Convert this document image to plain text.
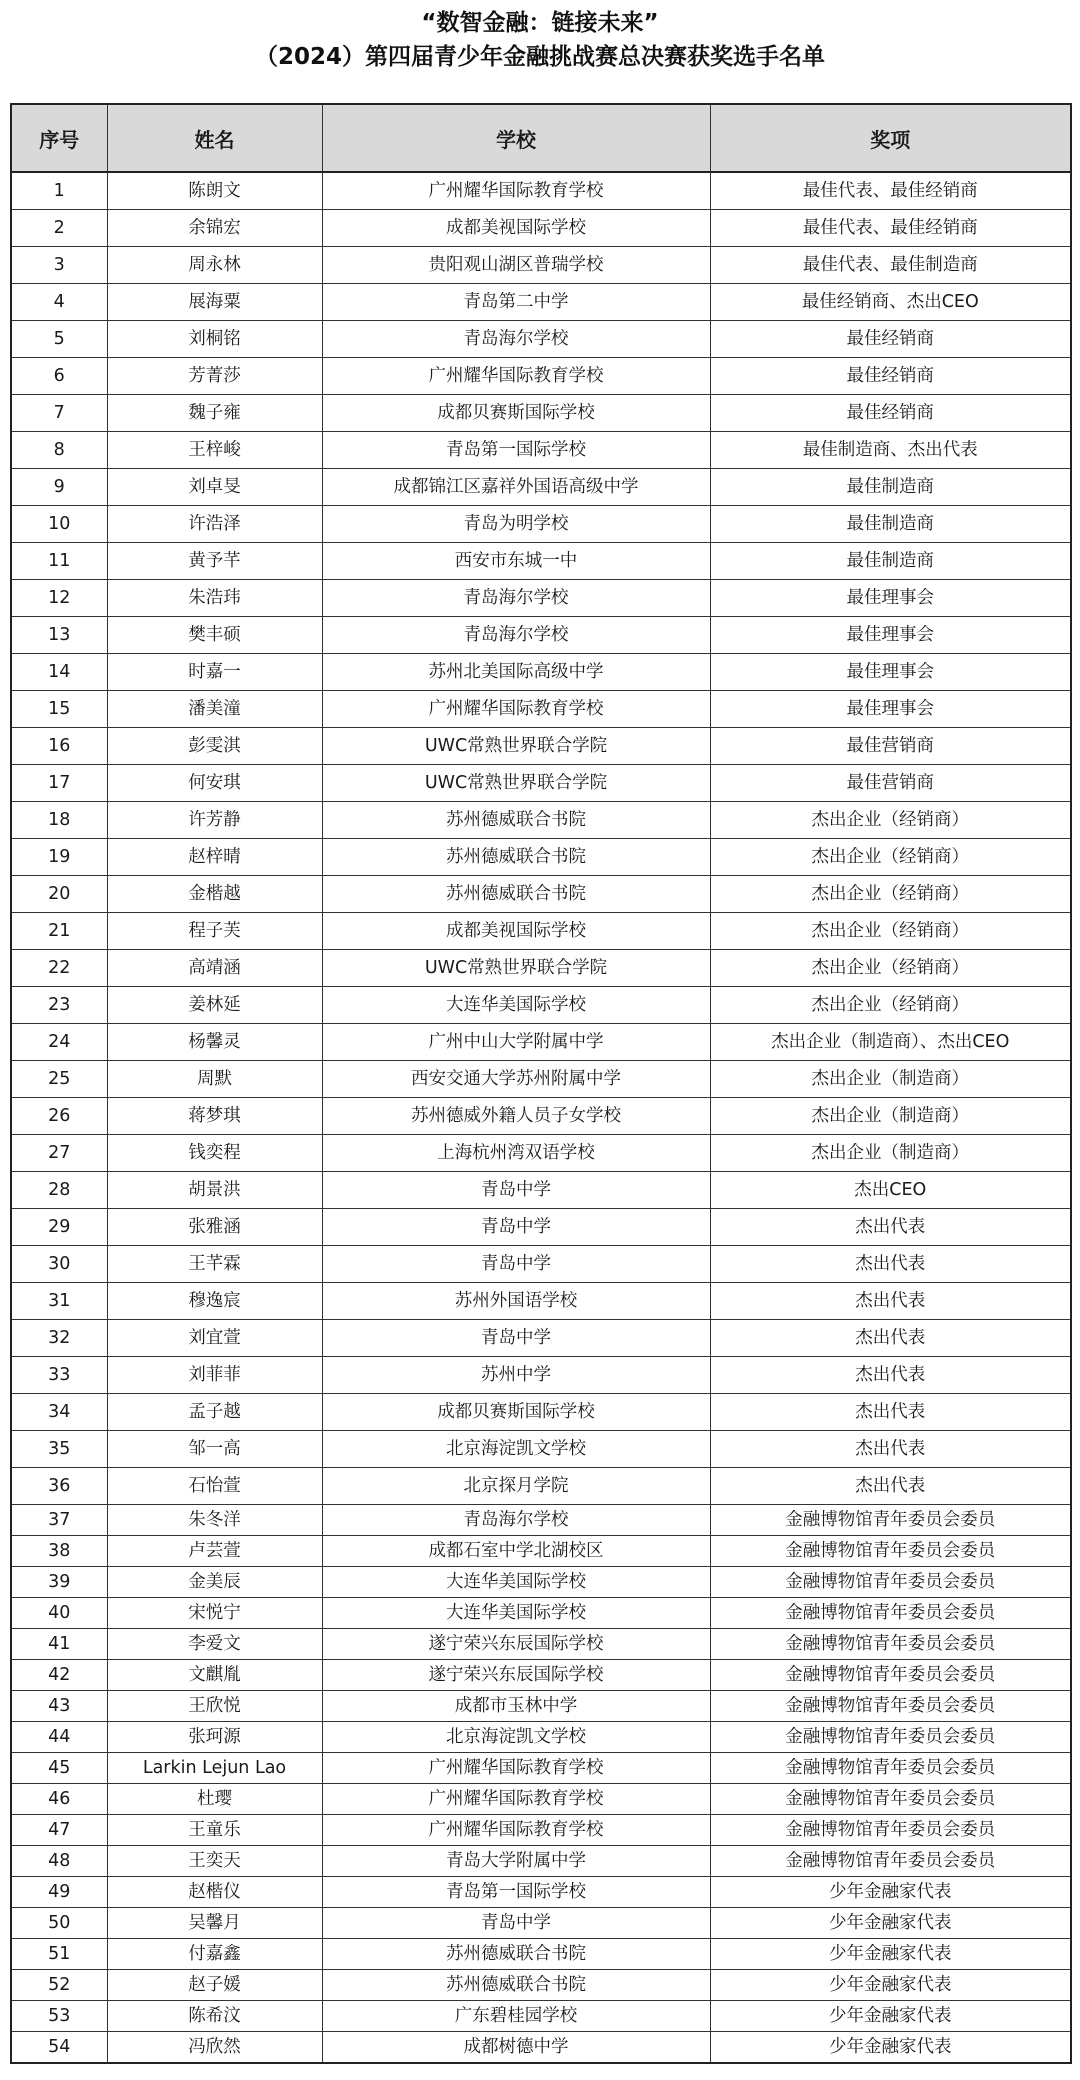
“数智金融：链接未来”
（2024）第四届青少年金融挑战赛总决赛获奖选手名单
序号	姓名	学校	奖项
1	陈朗文	广州耀华国际教育学校	最佳代表、最佳经销商
2	余锦宏	成都美视国际学校	最佳代表、最佳经销商
3	周永林	贵阳观山湖区普瑞学校	最佳代表、最佳制造商
4	展海粟	青岛第二中学	最佳经销商、杰出CEO
5	刘桐铭	青岛海尔学校	最佳经销商
6	芳菁莎	广州耀华国际教育学校	最佳经销商
7	魏子雍	成都贝赛斯国际学校	最佳经销商
8	王梓峻	青岛第一国际学校	最佳制造商、杰出代表
9	刘卓旻	成都锦江区嘉祥外国语高级中学	最佳制造商
10	许浩泽	青岛为明学校	最佳制造商
11	黄予芊	西安市东城一中	最佳制造商
12	朱浩玮	青岛海尔学校	最佳理事会
13	樊丰硕	青岛海尔学校	最佳理事会
14	时嘉一	苏州北美国际高级中学	最佳理事会
15	潘美潼	广州耀华国际教育学校	最佳理事会
16	彭雯淇	UWC常熟世界联合学院	最佳营销商
17	何安琪	UWC常熟世界联合学院	最佳营销商
18	许芳静	苏州德威联合书院	杰出企业（经销商）
19	赵梓晴	苏州德威联合书院	杰出企业（经销商）
20	金楷越	苏州德威联合书院	杰出企业（经销商）
21	程子芙	成都美视国际学校	杰出企业（经销商）
22	高靖涵	UWC常熟世界联合学院	杰出企业（经销商）
23	姜林延	大连华美国际学校	杰出企业（经销商）
24	杨馨灵	广州中山大学附属中学	杰出企业（制造商）、杰出CEO
25	周默	西安交通大学苏州附属中学	杰出企业（制造商）
26	蒋梦琪	苏州德威外籍人员子女学校	杰出企业（制造商）
27	钱奕程	上海杭州湾双语学校	杰出企业（制造商）
28	胡景洪	青岛中学	杰出CEO
29	张雅涵	青岛中学	杰出代表
30	王芊霖	青岛中学	杰出代表
31	穆逸宸	苏州外国语学校	杰出代表
32	刘宜萱	青岛中学	杰出代表
33	刘菲菲	苏州中学	杰出代表
34	孟子越	成都贝赛斯国际学校	杰出代表
35	邹一高	北京海淀凯文学校	杰出代表
36	石怡萱	北京探月学院	杰出代表
37	朱冬洋	青岛海尔学校	金融博物馆青年委员会委员
38	卢芸萱	成都石室中学北湖校区	金融博物馆青年委员会委员
39	金美辰	大连华美国际学校	金融博物馆青年委员会委员
40	宋悦宁	大连华美国际学校	金融博物馆青年委员会委员
41	李爱文	遂宁荣兴东辰国际学校	金融博物馆青年委员会委员
42	文麒胤	遂宁荣兴东辰国际学校	金融博物馆青年委员会委员
43	王欣悦	成都市玉林中学	金融博物馆青年委员会委员
44	张珂源	北京海淀凯文学校	金融博物馆青年委员会委员
45	Larkin Lejun Lao	广州耀华国际教育学校	金融博物馆青年委员会委员
46	杜璎	广州耀华国际教育学校	金融博物馆青年委员会委员
47	王童乐	广州耀华国际教育学校	金融博物馆青年委员会委员
48	王奕天	青岛大学附属中学	金融博物馆青年委员会委员
49	赵楷仪	青岛第一国际学校	少年金融家代表
50	吴馨月	青岛中学	少年金融家代表
51	付嘉鑫	苏州德威联合书院	少年金融家代表
52	赵子媛	苏州德威联合书院	少年金融家代表
53	陈希汶	广东碧桂园学校	少年金融家代表
54	冯欣然	成都树德中学	少年金融家代表
